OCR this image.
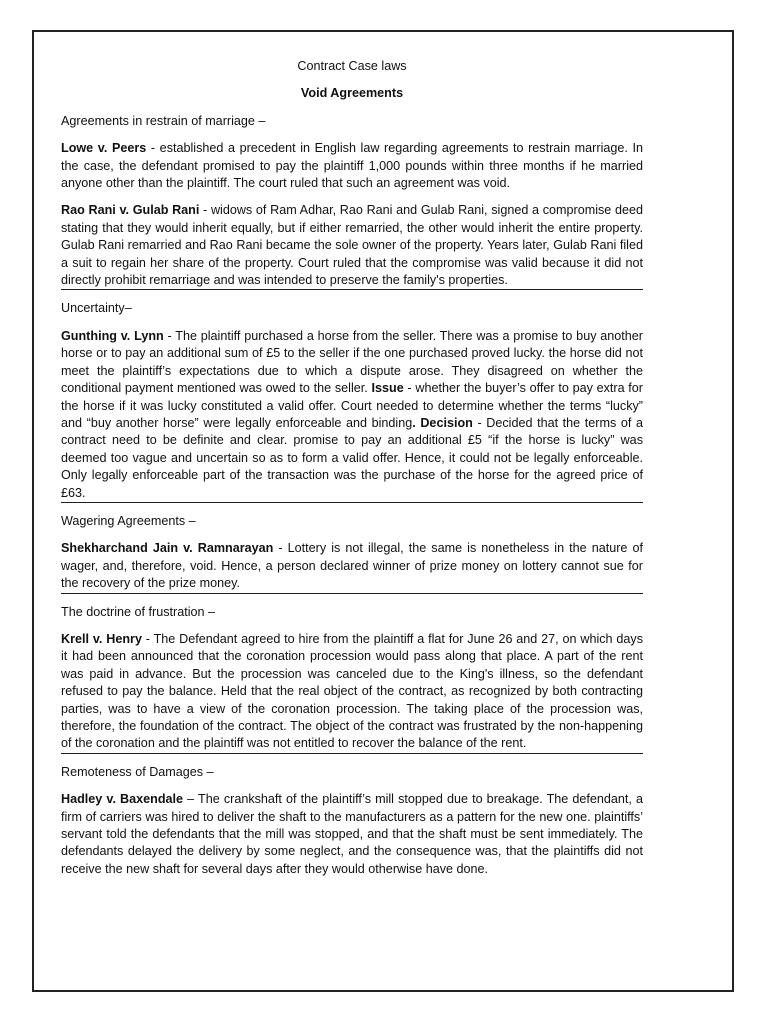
Contract Case laws
Void Agreements
Agreements in restrain of marriage –

Lowe v. Peers - established a precedent in English law regarding agreements to restrain marriage. In the case, the defendant promised to pay the plaintiff 1,000 pounds within three months if he married anyone other than the plaintiff. The court ruled that such an agreement was void.

Rao Rani v. Gulab Rani - widows of Ram Adhar, Rao Rani and Gulab Rani, signed a compromise deed stating that they would inherit equally, but if either remarried, the other would inherit the entire property. Gulab Rani remarried and Rao Rani became the sole owner of the property. Years later, Gulab Rani filed a suit to regain her share of the property. Court ruled that the compromise was valid because it did not directly prohibit remarriage and was intended to preserve the family's properties.

Uncertainty–

Gunthing v. Lynn - The plaintiff purchased a horse from the seller. There was a promise to buy another horse or to pay an additional sum of £5 to the seller if the one purchased proved lucky. the horse did not meet the plaintiff’s expectations due to which a dispute arose. They disagreed on whether the conditional payment mentioned was owed to the seller. Issue - whether the buyer’s offer to pay extra for the horse if it was lucky constituted a valid offer. Court needed to determine whether the terms “lucky” and “buy another horse” were legally enforceable and binding. Decision - Decided that the terms of a contract need to be definite and clear. promise to pay an additional £5 “if the horse is lucky” was deemed too vague and uncertain so as to form a valid offer. Hence, it could not be legally enforceable. Only legally enforceable part of the transaction was the purchase of the horse for the agreed price of £63.

Wagering Agreements –

Shekharchand Jain v. Ramnarayan - Lottery is not illegal, the same is nonetheless in the nature of wager, and, therefore, void. Hence, a person declared winner of prize money on lottery cannot sue for the recovery of the prize money.

The doctrine of frustration –

Krell v. Henry - The Defendant agreed to hire from the plaintiff a flat for June 26 and 27, on which days it had been announced that the coronation procession would pass along that place. A part of the rent was paid in advance. But the procession was canceled due to the King's illness, so the defendant refused to pay the balance. Held that the real object of the contract, as recognized by both contracting parties, was to have a view of the coronation procession. The taking place of the procession was, therefore, the foundation of the contract. The object of the contract was frustrated by the non-happening of the coronation and the plaintiff was not entitled to recover the balance of the rent.

Remoteness of Damages –

Hadley v. Baxendale – The crankshaft of the plaintiff’s mill stopped due to breakage. The defendant, a firm of carriers was hired to deliver the shaft to the manufacturers as a pattern for the new one. plaintiffs’ servant told the defendants that the mill was stopped, and that the shaft must be sent immediately. The defendants delayed the delivery by some neglect, and the consequence was, that the plaintiffs did not receive the new shaft for several days after they would otherwise have done.
